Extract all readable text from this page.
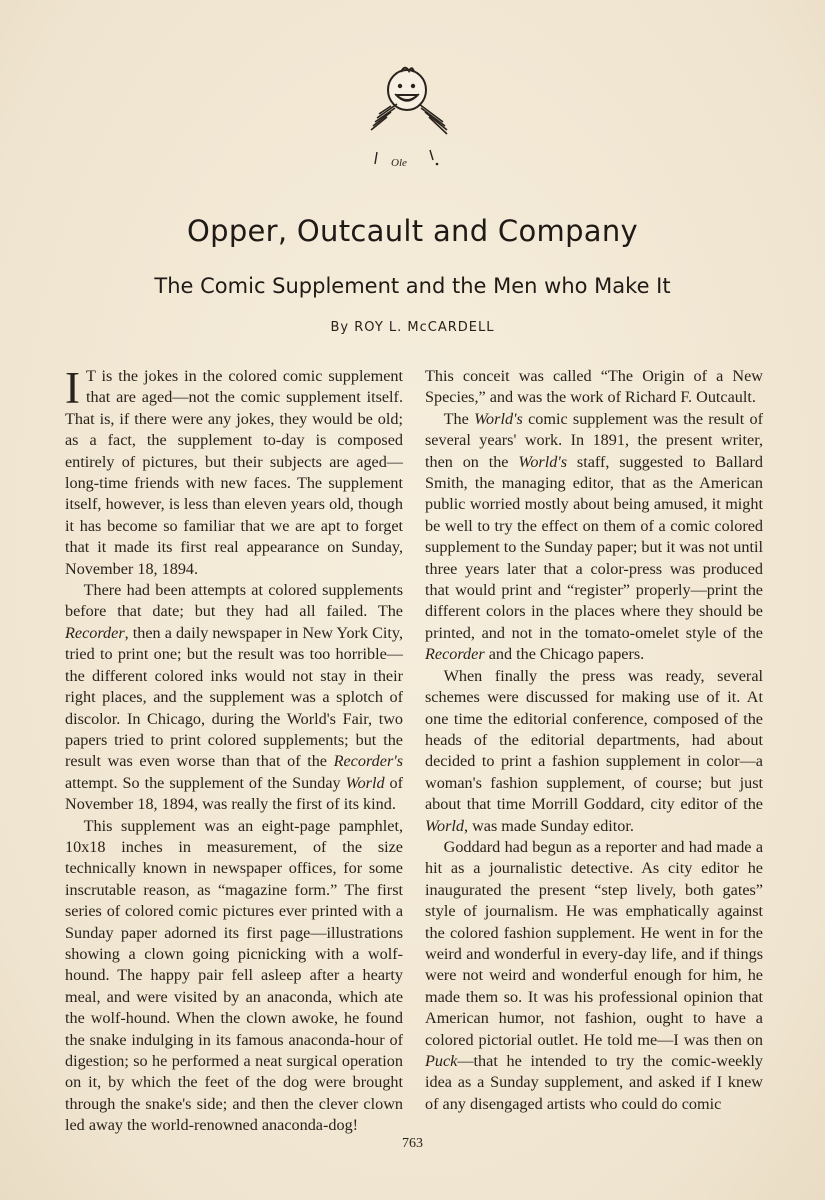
Ole
Opper, Outcault and Company
The Comic Supplement and the Men who Make It
By ROY L. McCARDELL

I T is the jokes in the colored comic supplement that are aged—not the comic supplement itself. That is, if there were any jokes, they would be old; as a fact, the supplement to-day is composed entirely of pictures, but their subjects are aged—long-time friends with new faces. The supplement itself, however, is less than eleven years old, though it has become so familiar that we are apt to forget that it made its first real appearance on Sunday, November 18, 1894.

There had been attempts at colored supplements before that date; but they had all failed. The Recorder, then a daily newspaper in New York City, tried to print one; but the result was too horrible—the different colored inks would not stay in their right places, and the supplement was a splotch of discolor. In Chicago, during the World's Fair, two papers tried to print colored supplements; but the result was even worse than that of the Recorder's attempt. So the supplement of the Sunday World of November 18, 1894, was really the first of its kind.

This supplement was an eight-page pamphlet, 10x18 inches in measurement, of the size technically known in newspaper offices, for some inscrutable reason, as “magazine form.” The first series of colored comic pictures ever printed with a Sunday paper adorned its first page—illustrations showing a clown going picnicking with a wolf-hound. The happy pair fell asleep after a hearty meal, and were visited by an anaconda, which ate the wolf-hound. When the clown awoke, he found the snake indulging in its famous anaconda-hour of digestion; so he performed a neat surgical operation on it, by which the feet of the dog were brought through the snake's side; and then the clever clown led away the world-renowned anaconda-dog!

This conceit was called “The Origin of a New Species,” and was the work of Richard F. Outcault.

The World's comic supplement was the result of several years' work. In 1891, the present writer, then on the World's staff, suggested to Ballard Smith, the managing editor, that as the American public worried mostly about being amused, it might be well to try the effect on them of a comic colored supplement to the Sunday paper; but it was not until three years later that a color-press was produced that would print and “register” properly—print the different colors in the places where they should be printed, and not in the tomato-omelet style of the Recorder and the Chicago papers.

When finally the press was ready, several schemes were discussed for making use of it. At one time the editorial conference, composed of the heads of the editorial departments, had about decided to print a fashion supplement in color—a woman's fashion supplement, of course; but just about that time Morrill Goddard, city editor of the World, was made Sunday editor.

Goddard had begun as a reporter and had made a hit as a journalistic detective. As city editor he inaugurated the present “step lively, both gates” style of journalism. He was emphatically against the colored fashion supplement. He went in for the weird and wonderful in every-day life, and if things were not weird and wonderful enough for him, he made them so. It was his professional opinion that American humor, not fashion, ought to have a colored pictorial outlet. He told me—I was then on Puck—that he intended to try the comic-weekly idea as a Sunday supplement, and asked if I knew of any disengaged artists who could do comic

763
